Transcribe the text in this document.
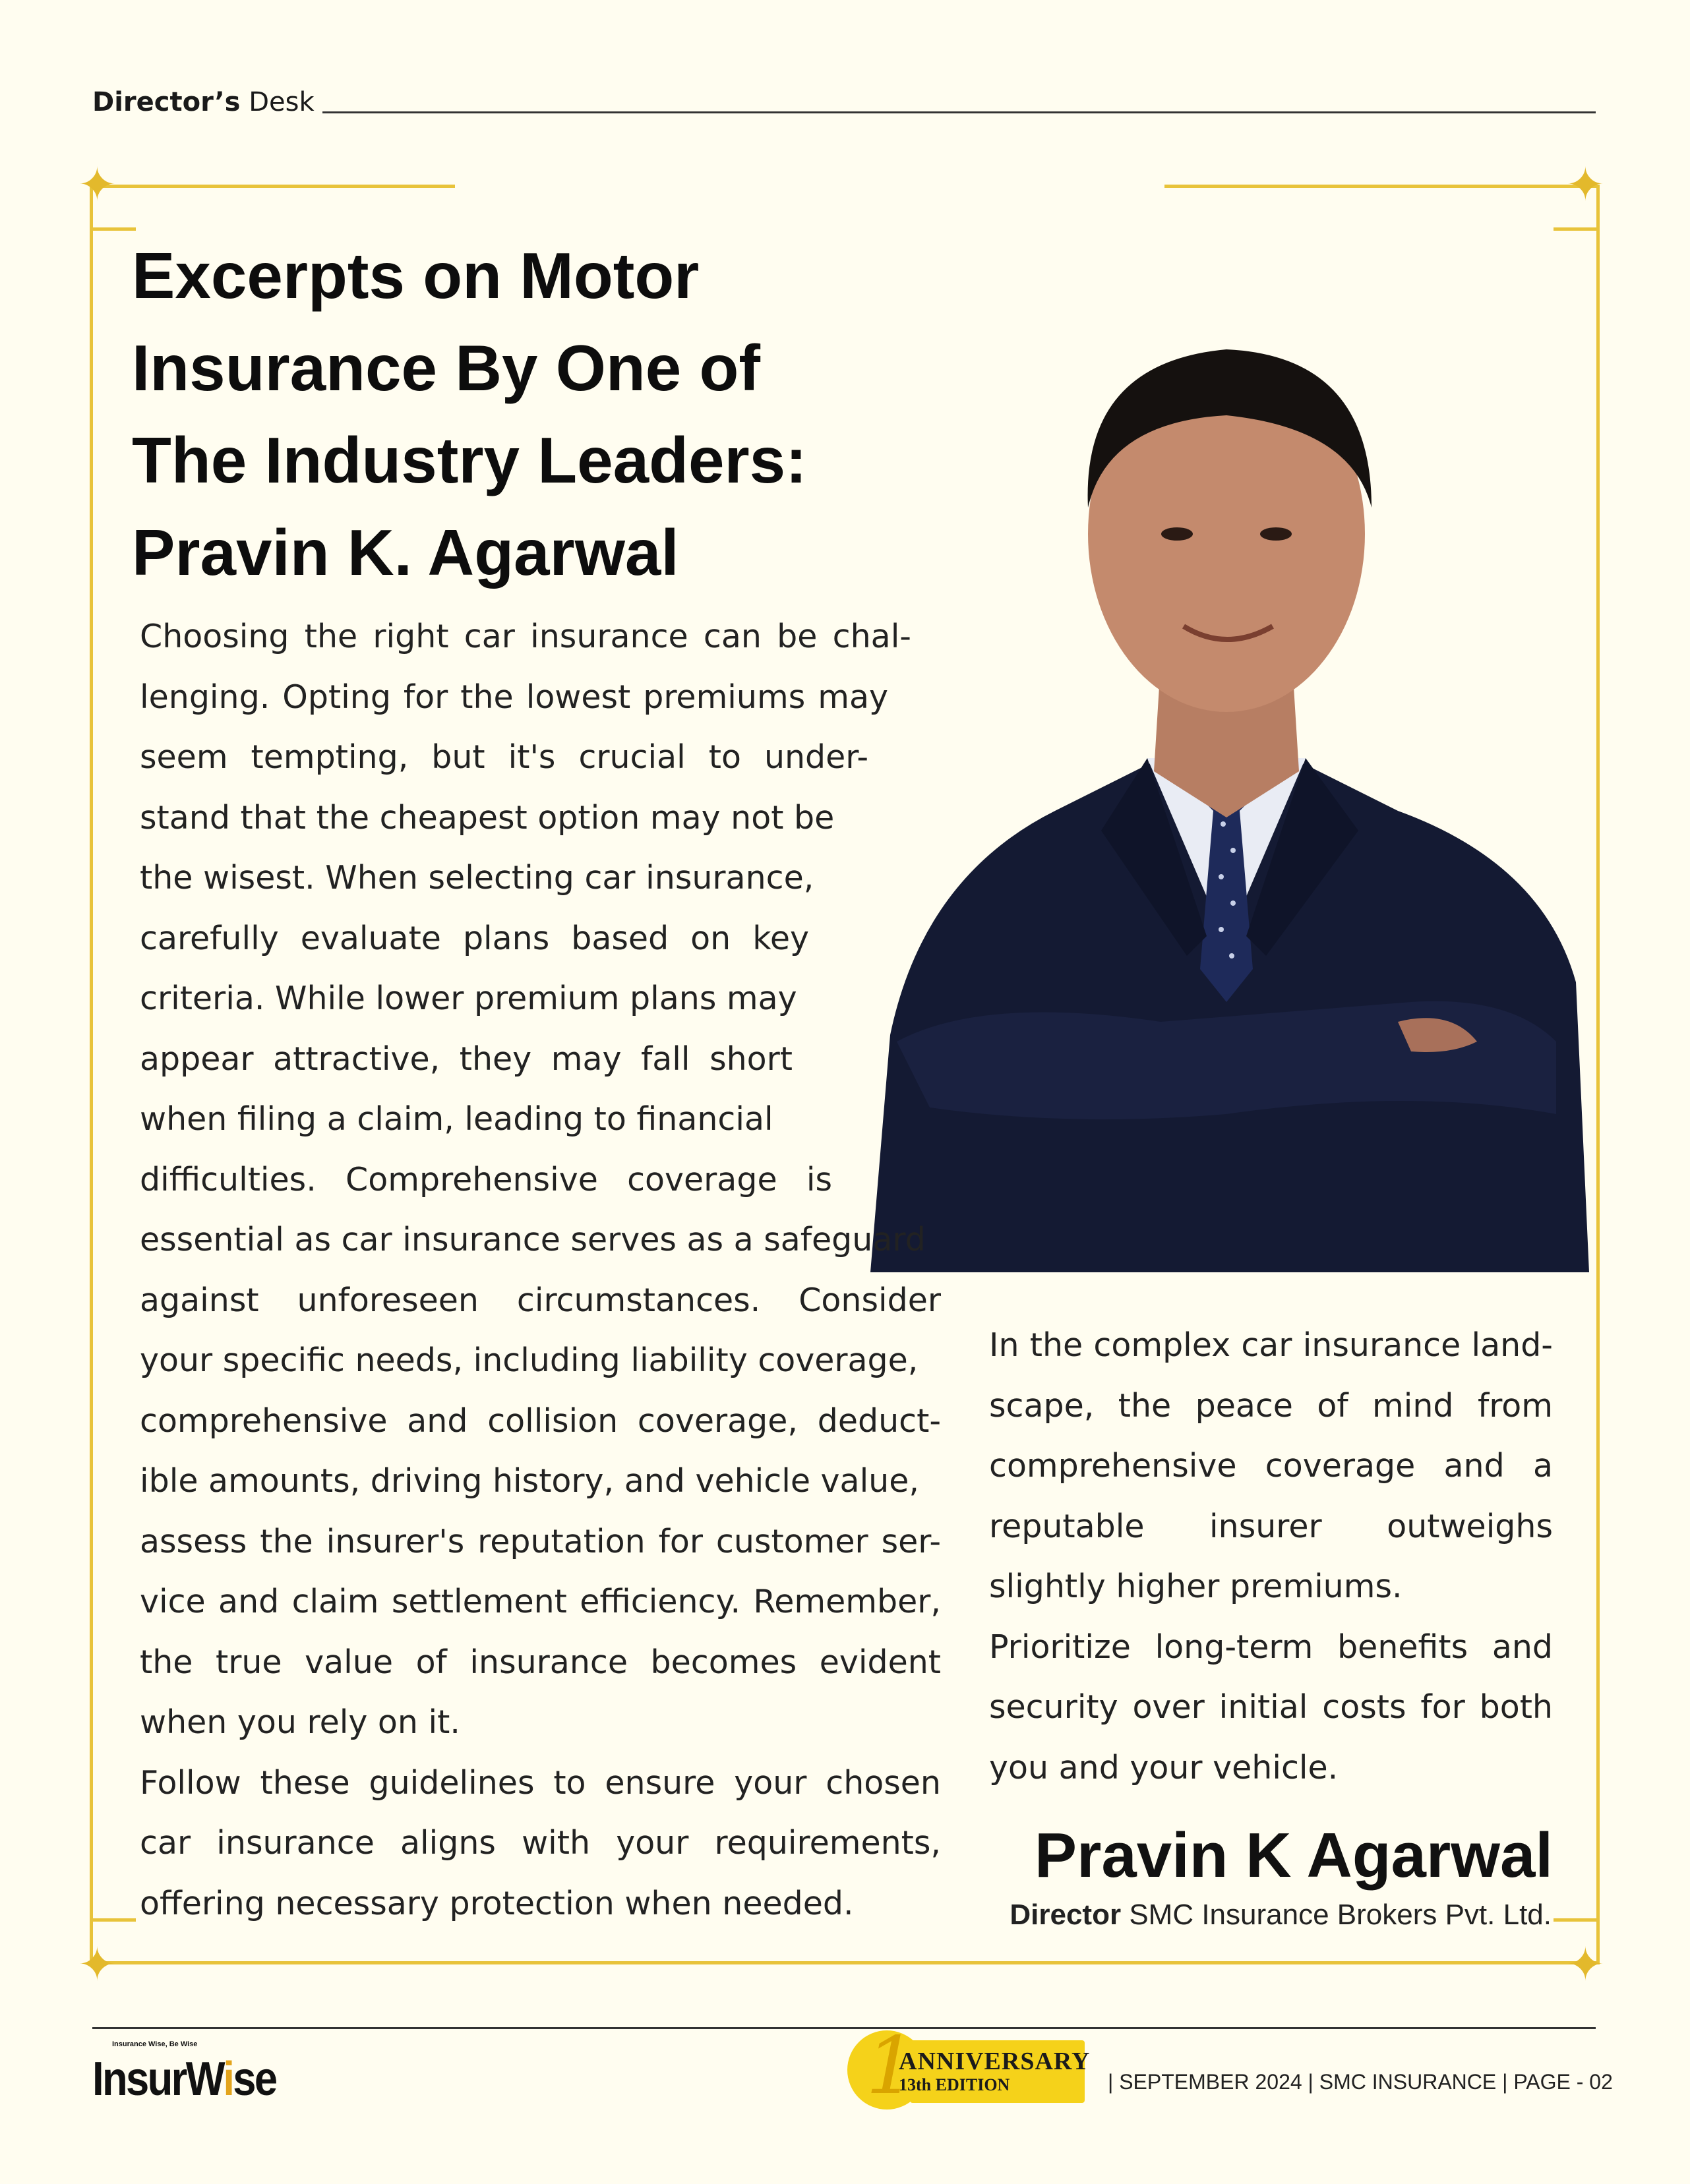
Director’s Desk
✦	✦
✦	✦
Excerpts on Motor
Insurance By One of
The Industry Leaders:
Pravin K. Agarwal
Choosing the right car insurance can be chal-
lenging. Opting for the lowest premiums may
seem tempting, but it's crucial to under-
stand that the cheapest option may not be
the wisest. When selecting car insurance,
carefully evaluate plans based on key
criteria. While lower premium plans may
appear attractive, they may fall short
when filing a claim, leading to financial
difficulties. Comprehensive coverage is
essential as car insurance serves as a safeguard
against unforeseen circumstances. Consider
your specific needs, including liability coverage,
comprehensive and collision coverage, deduct-
ible amounts, driving history, and vehicle value,
assess the insurer's reputation for customer ser-
vice and claim settlement efficiency. Remember,
the true value of insurance becomes evident
when you rely on it.
Follow these guidelines to ensure your chosen
car insurance aligns with your requirements,
offering necessary protection when needed.
In the complex car insurance land-
scape, the peace of mind from
comprehensive coverage and a
reputable insurer outweighs
slightly higher premiums.
Prioritize long-term benefits and
security over initial costs for both
you and your vehicle.
Pravin K Agarwal
Director SMC Insurance Brokers Pvt. Ltd.
Insurance Wise, Be Wise
InsurWise	1
ANNIVERSARY
13th EDITION	| SEPTEMBER 2024 | SMC INSURANCE | PAGE - 02
